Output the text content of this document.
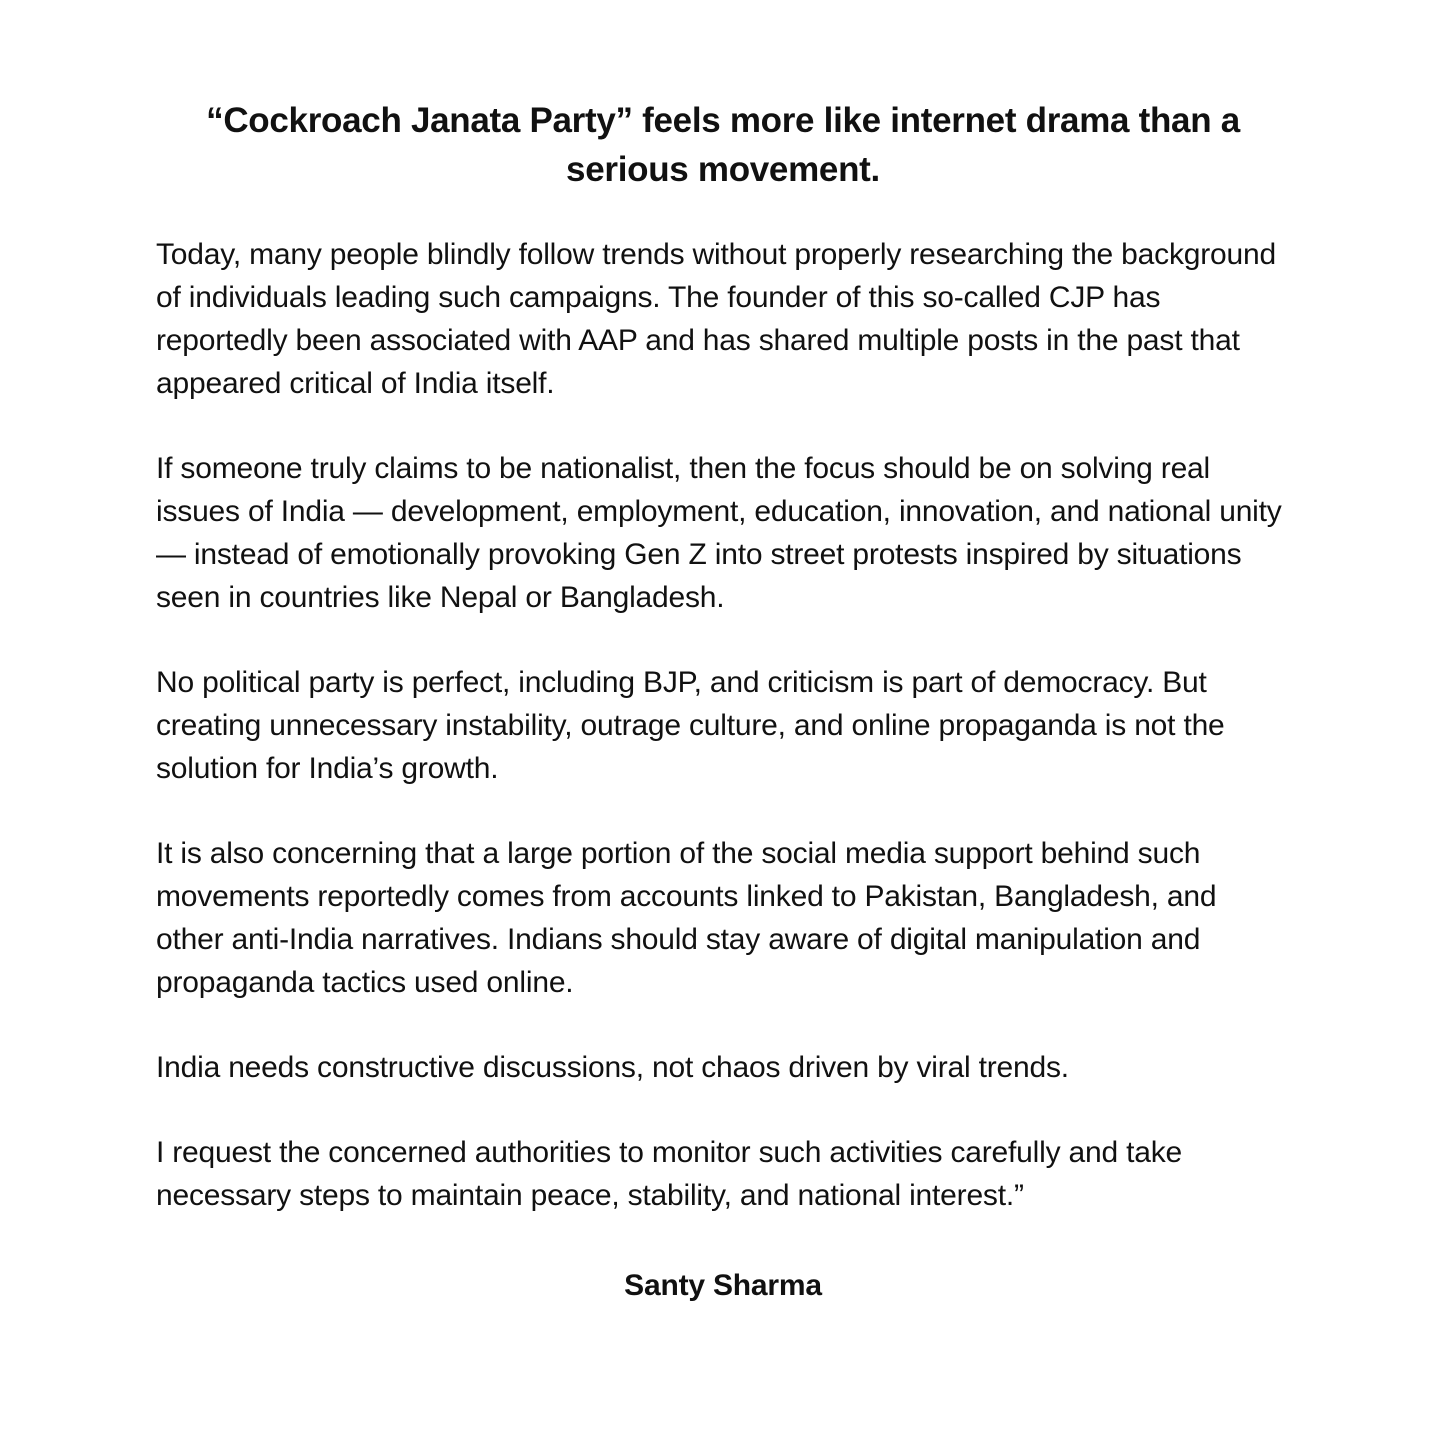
“Cockroach Janata Party” feels more like internet drama than a serious movement.

Today, many people blindly follow trends without properly researching the background of individuals leading such campaigns. The founder of this so-called CJP has reportedly been associated with AAP and has shared multiple posts in the past that appeared critical of India itself.

If someone truly claims to be nationalist, then the focus should be on solving real issues of India — development, employment, education, innovation, and national unity — instead of emotionally provoking Gen Z into street protests inspired by situations seen in countries like Nepal or Bangladesh.

No political party is perfect, including BJP, and criticism is part of democracy. But creating unnecessary instability, outrage culture, and online propaganda is not the solution for India’s growth.

It is also concerning that a large portion of the social media support behind such movements reportedly comes from accounts linked to Pakistan, Bangladesh, and other anti-India narratives. Indians should stay aware of digital manipulation and propaganda tactics used online.

India needs constructive discussions, not chaos driven by viral trends.

I request the concerned authorities to monitor such activities carefully and take necessary steps to maintain peace, stability, and national interest.”

Santy Sharma
